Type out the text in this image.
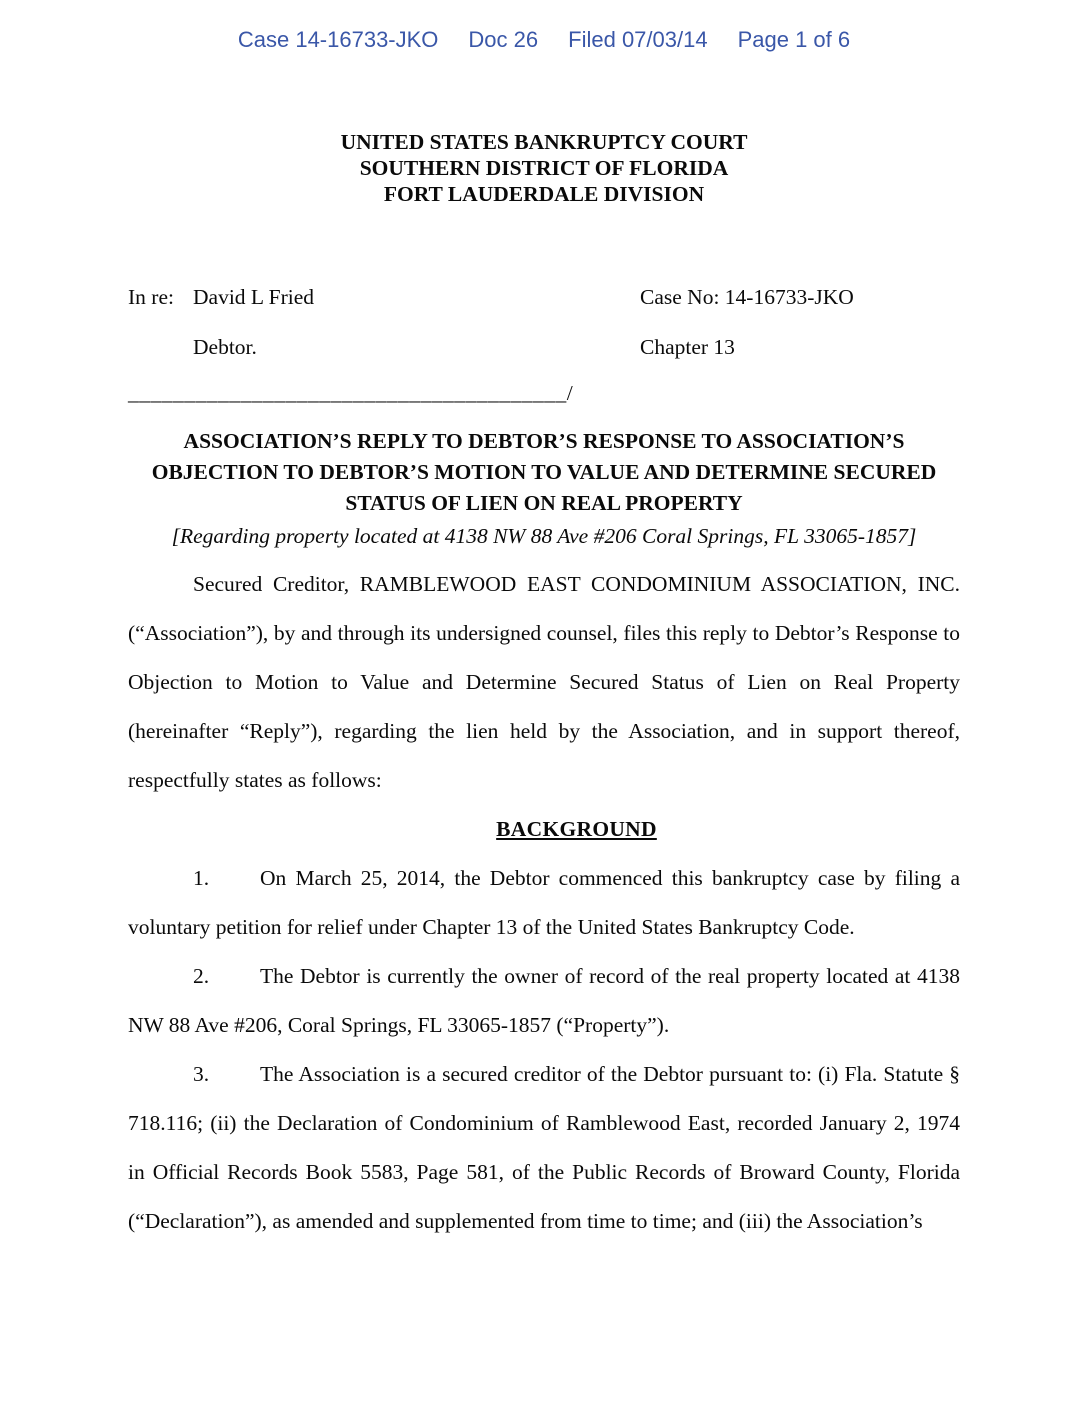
Case 14-16733-JKO Doc 26 Filed 07/03/14 Page 1 of 6
UNITED STATES BANKRUPTCY COURT
SOUTHERN DISTRICT OF FLORIDA
FORT LAUDERDALE DIVISION
In re: David L Fried	Case No: 14-16733-JKO
Debtor.	Chapter 13
_______________________________________/
ASSOCIATION’S REPLY TO DEBTOR’S RESPONSE TO ASSOCIATION’S
OBJECTION TO DEBTOR’S MOTION TO VALUE AND DETERMINE SECURED
STATUS OF LIEN ON REAL PROPERTY
[Regarding property located at 4138 NW 88 Ave #206 Coral Springs, FL 33065-1857]

Secured Creditor, RAMBLEWOOD EAST CONDOMINIUM ASSOCIATION, INC. (“Association”), by and through its undersigned counsel, files this reply to Debtor’s Response to Objection to Motion to Value and Determine Secured Status of Lien on Real Property (hereinafter “Reply”), regarding the lien held by the Association, and in support thereof, respectfully states as follows:

BACKGROUND

1. On March 25, 2014, the Debtor commenced this bankruptcy case by filing a voluntary petition for relief under Chapter 13 of the United States Bankruptcy Code.

2. The Debtor is currently the owner of record of the real property located at 4138 NW 88 Ave #206, Coral Springs, FL 33065-1857 (“Property”).

3. The Association is a secured creditor of the Debtor pursuant to: (i) Fla. Statute § 718.116; (ii) the Declaration of Condominium of Ramblewood East, recorded January 2, 1974 in Official Records Book 5583, Page 581, of the Public Records of Broward County, Florida (“Declaration”), as amended and supplemented from time to time; and (iii) the Association’s
